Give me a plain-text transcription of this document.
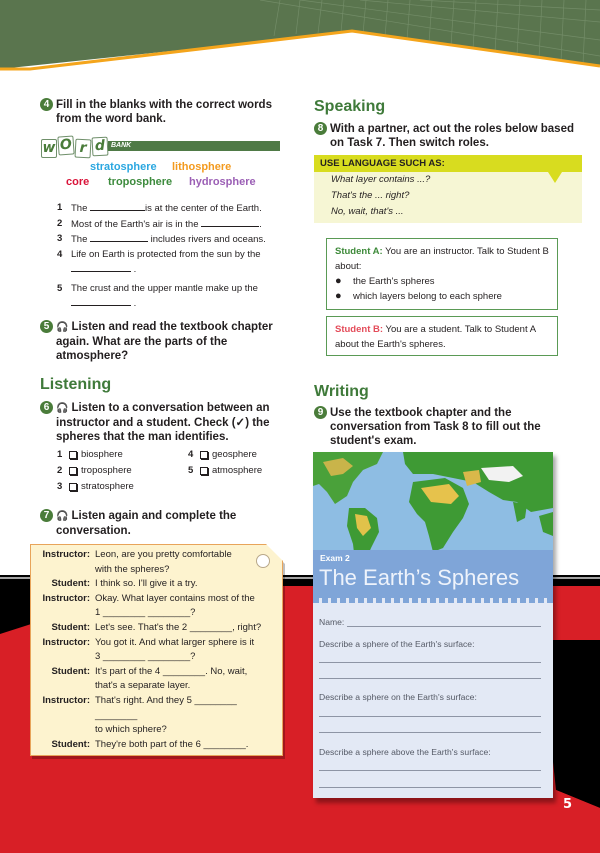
4 Fill in the blanks with the correct words from the word bank.
w O r d BANK
stratosphere lithosphere
core troposphere hydrosphere
1 The	is at the center of the Earth.
2 Most of the Earth's air is in the	.
3 The	includes rivers and oceans.
4 Life on Earth is protected from the sun by the
.
5 The crust and the upper mantle make up the
.
5 🎧 Listen and read the textbook chapter again. What are the parts of the atmosphere?
Listening
6 🎧 Listen to a conversation between an instructor and a student. Check (✓) the spheres that the man identifies.
1	biosphere
2	troposphere
3	stratosphere
4	geosphere
5	atmosphere
7 🎧 Listen again and complete the conversation.
Instructor : Leon, are you pretty comfortable
with the spheres?
Student : I think so. I'll give it a try.
Instructor : Okay. What layer contains most of the
1 ________ ________?
Student : Let's see. That's the 2 ________, right?
Instructor : You got it. And what larger sphere is it
3 ________ ________?
Student : It's part of the 4 ________. No, wait,
that's a separate layer.
Instructor : That's right. And they 5 ________ ________
to which sphere?
Student : They're both part of the 6 ________.
Speaking
8 With a partner, act out the roles below based on Task 7. Then switch roles.
USE LANGUAGE SUCH AS:
What layer contains ...?
That's the ... right?
No, wait, that's ...
Student A: You are an instructor. Talk to Student B about:
●	the Earth's spheres
●	which layers belong to each sphere
Student B: You are a student. Talk to Student A about the Earth's spheres.
Writing
9 Use the textbook chapter and the conversation from Task 8 to fill out the student's exam.
Exam 2
The Earth’s Spheres
Name:
Describe a sphere of the Earth's surface:
Describe a sphere on the Earth's surface:
Describe a sphere above the Earth's surface:
5
